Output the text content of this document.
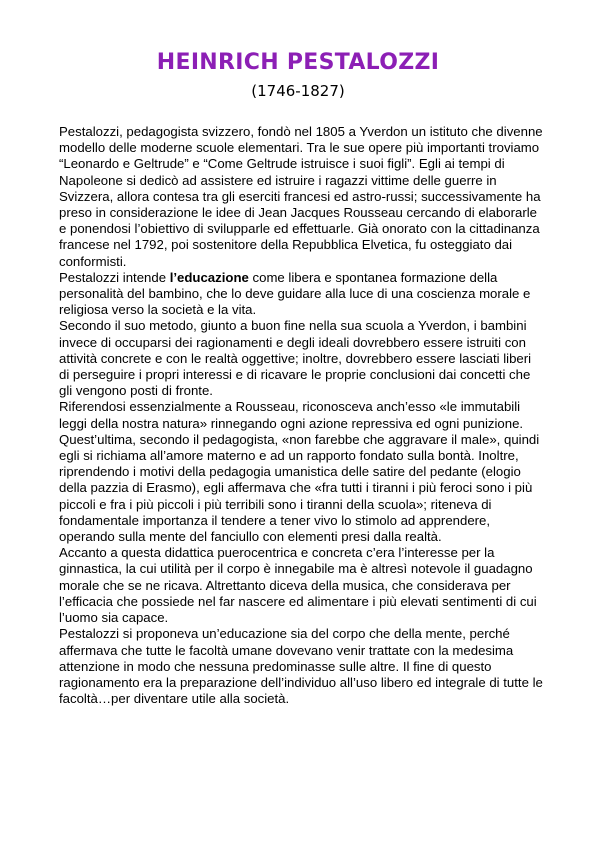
HEINRICH PESTALOZZI
(1746-1827)

Pestalozzi, pedagogista svizzero, fondò nel 1805 a Yverdon un istituto che divenne modello delle moderne scuole elementari. Tra le sue opere più importanti troviamo “Leonardo e Geltrude” e “Come Geltrude istruisce i suoi figli”. Egli ai tempi di Napoleone si dedicò ad assistere ed istruire i ragazzi vittime delle guerre in Svizzera, allora contesa tra gli eserciti francesi ed astro-russi; successivamente ha preso in considerazione le idee di Jean Jacques Rousseau cercando di elaborarle e ponendosi l’obiettivo di svilupparle ed effettuarle. Già onorato con la cittadinanza francese nel 1792, poi sostenitore della Repubblica Elvetica, fu osteggiato dai conformisti.

Pestalozzi intende l’educazione come libera e spontanea formazione della personalità del bambino, che lo deve guidare alla luce di una coscienza morale e religiosa verso la società e la vita.

Secondo il suo metodo, giunto a buon fine nella sua scuola a Yverdon, i bambini invece di occuparsi dei ragionamenti e degli ideali dovrebbero essere istruiti con attività concrete e con le realtà oggettive; inoltre, dovrebbero essere lasciati liberi di perseguire i propri interessi e di ricavare le proprie conclusioni dai concetti che gli vengono posti di fronte.

Riferendosi essenzialmente a Rousseau, riconosceva anch’esso «le immutabili leggi della nostra natura» rinnegando ogni azione repressiva ed ogni punizione. Quest’ultima, secondo il pedagogista, «non farebbe che aggravare il male», quindi egli si richiama all’amore materno e ad un rapporto fondato sulla bontà. Inoltre, riprendendo i motivi della pedagogia umanistica delle satire del pedante (elogio della pazzia di Erasmo), egli affermava che «fra tutti i tiranni i più feroci sono i più piccoli e fra i più piccoli i più terribili sono i tiranni della scuola»; riteneva di fondamentale importanza il tendere a tener vivo lo stimolo ad apprendere, operando sulla mente del fanciullo con elementi presi dalla realtà.

Accanto a questa didattica puerocentrica e concreta c’era l’interesse per la ginnastica, la cui utilità per il corpo è innegabile ma è altresì notevole il guadagno morale che se ne ricava. Altrettanto diceva della musica, che considerava per l’efficacia che possiede nel far nascere ed alimentare i più elevati sentimenti di cui l’uomo sia capace.

Pestalozzi si proponeva un’educazione sia del corpo che della mente, perché affermava che tutte le facoltà umane dovevano venir trattate con la medesima attenzione in modo che nessuna predominasse sulle altre. Il fine di questo ragionamento era la preparazione dell’individuo all’uso libero ed integrale di tutte le facoltà…per diventare utile alla società.
